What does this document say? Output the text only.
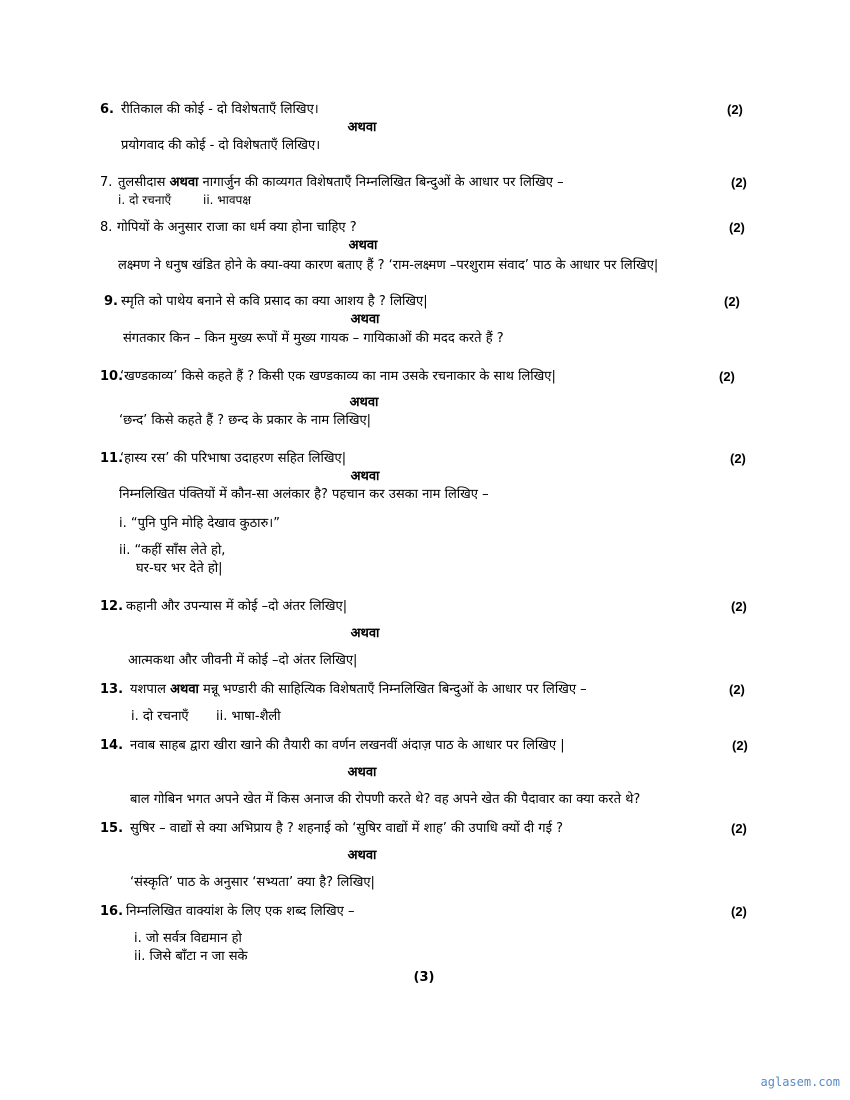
6. रीतिकाल की कोई - दो विशेषताएँ लिखिए।	(2)
अथवा
प्रयोगवाद की कोई - दो विशेषताएँ लिखिए।
7. तुलसीदास अथवा नागार्जुन की काव्यगत विशेषताएँ निम्नलिखित बिन्दुओं के आधार पर लिखिए –	(2)
i. दो रचनाएँ	ii. भावपक्ष
8. गोपियों के अनुसार राजा का धर्म क्या होना चाहिए ?	(2)
अथवा
लक्ष्मण ने धनुष खंडित होने के क्या-क्या कारण बताए हैं ? ‘राम-लक्ष्मण –परशुराम संवाद’ पाठ के आधार पर लिखिए|
9. स्मृति को पाथेय बनाने से कवि प्रसाद का क्या आशय है ? लिखिए|	(2)
अथवा
संगतकार किन – किन मुख्य रूपों में मुख्य गायक – गायिकाओं की मदद करते हैं ?
10.
‘खण्डकाव्य’ किसे कहते हैं ? किसी एक खण्डकाव्य का नाम उसके रचनाकार के साथ लिखिए|	(2)
अथवा
‘छन्द’ किसे कहते हैं ? छन्द के प्रकार के नाम लिखिए|
11.
‘हास्य रस’ की परिभाषा उदाहरण सहित लिखिए|	(2)
अथवा
निम्नलिखित पंक्तियों में कौन-सा अलंकार है? पहचान कर उसका नाम लिखिए –
i. “पुनि पुनि मोहि देखाव कुठारु।”
ii. “कहीं साँस लेते हो,
घर-घर भर देते हो|
12. कहानी और उपन्यास में कोई –दो अंतर लिखिए|	(2)
अथवा
आत्मकथा और जीवनी में कोई –दो अंतर लिखिए|
13. यशपाल अथवा मन्नू भण्डारी की साहित्यिक विशेषताएँ निम्नलिखित बिन्दुओं के आधार पर लिखिए –	(2)
i. दो रचनाएँ ii. भाषा-शैली
14. नवाब साहब द्वारा खीरा खाने की तैयारी का वर्णन लखनवीं अंदाज़ पाठ के आधार पर लिखिए |	(2)
अथवा
बाल गोबिन भगत अपने खेत में किस अनाज की रोपणी करते थे? वह अपने खेत की पैदावार का क्या करते थे?
15. सुषिर – वाद्यों से क्या अभिप्राय है ? शहनाई को ‘सुषिर वाद्यों में शाह’ की उपाधि क्यों दी गई ?	(2)
अथवा
‘संस्कृति’ पाठ के अनुसार ‘सभ्यता’ क्या है? लिखिए|
16. निम्नलिखित वाक्यांश के लिए एक शब्द लिखिए –	(2)
i. जो सर्वत्र विद्यमान हो
ii. जिसे बाँटा न जा सके
(3)
aglasem.com
